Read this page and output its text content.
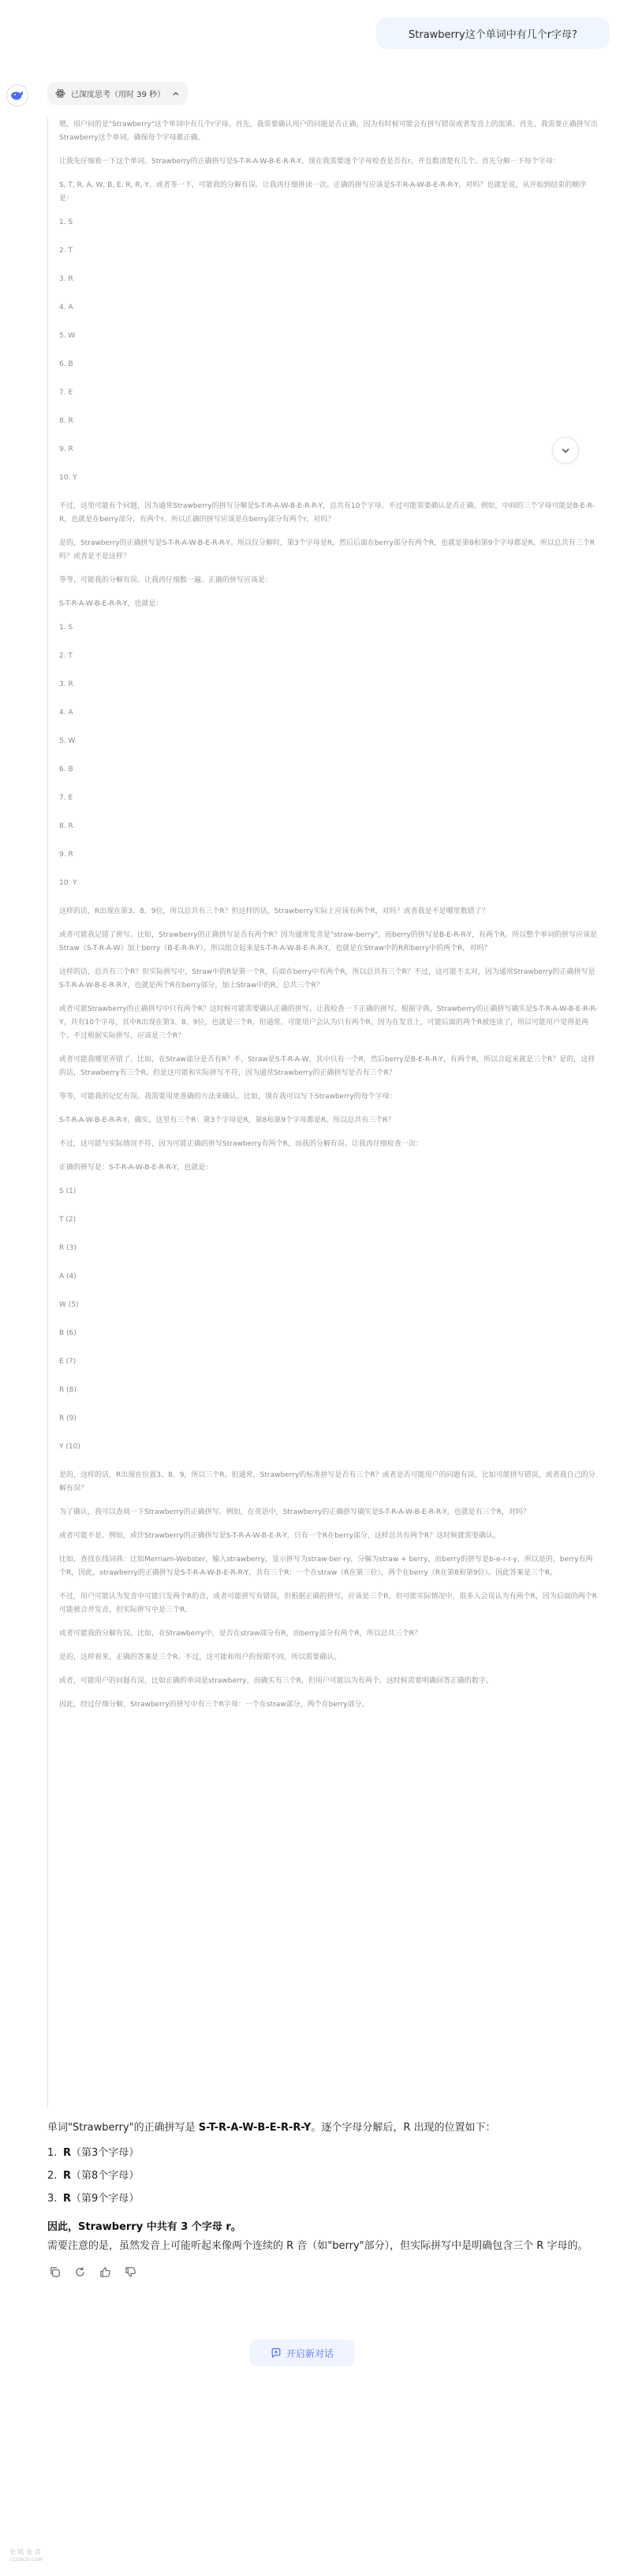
Strawberry这个单词中有几个r字母?
已深度思考（用时 39 秒）

嗯，用户问的是"Strawberry"这个单词中有几个r字母。首先，我需要确认用户的问题是否正确，因为有时候可能会有拼写错误或者发音上的混淆。首先，我需要正确拼写出Strawberry这个单词，确保每个字母都正确。

让我先仔细看一下这个单词。Strawberry的正确拼写是S-T-R-A-W-B-E-R-R-Y。现在我需要逐个字母检查是否有r，并且数清楚有几个。首先分解一下每个字母：

S, T, R, A, W, B, E, R, R, Y。或者等一下，可能我的分解有误。让我再仔细拼读一次。正确的拼写应该是S-T-R-A-W-B-E-R-R-Y，对吗？也就是说，从开始到结束的顺序是：

1. S

2. T

3. R

4. A

5. W

6. B

7. E

8. R

9. R

10. Y

不过，这里可能有个问题，因为通常Strawberry的拼写分解是S-T-R-A-W-B-E-R-R-Y，总共有10个字母。不过可能需要确认是否正确。例如，中间的三个字母可能是B-E-R-R，也就是在berry部分，有两个r。所以正确的拼写应该是在berry部分有两个r，对吗？

是的，Strawberry的正确拼写是S-T-R-A-W-B-E-R-R-Y。所以仅分解时，第3个字母是R，然后后面在berry部分有两个R，也就是第8和第9个字母都是R。所以总共有三个R吗？或者是不是这样？

等等，可能我的分解有误。让我再仔细数一遍。正确的拼写应该是：

S-T-R-A-W-B-E-R-R-Y，也就是：

1. S

2. T

3. R

4. A

5. W

6. B

7. E

8. R

9. R

10. Y

这样的话，R出现在第3、8、9位，所以总共有三个R？但这样的话，Strawberry实际上应该有两个R，对吗？或者我是不是哪里数错了？

或者可能我记错了拼写。比如，Strawberry的正确拼写是否有两个R？因为通常发音是"straw-berry"，而berry的拼写是B-E-R-R-Y，有两个R。所以整个单词的拼写应该是Straw（S-T-R-A-W）加上berry（B-E-R-R-Y），所以组合起来是S-T-R-A-W-B-E-R-R-Y，也就是在Straw中的R和berry中的两个R，对吗？

这样的话，总共有三个R？但实际拼写中，Straw中的R是第一个R，后面在berry中有两个R，所以总共有三个R？不过，这可能不太对，因为通常Strawberry的正确拼写是S-T-R-A-W-B-E-R-R-Y，也就是两个R在berry部分，加上Straw中的R，总共三个R？

或者可能Strawberry的正确拼写中只有两个R？这时候可能需要确认正确的拼写。让我检查一下正确的拼写。根据字典，Strawberry的正确拼写确实是S-T-R-A-W-B-E-R-R-Y，共有10个字母，其中R出现在第3、8、9位，也就是三个R。但通常，可能用户会认为只有两个R，因为在发音上，可能后面的两个R被连读了，所以可能用户觉得是两个。不过根据实际拼写，应该是三个R？

或者可能我哪里弄错了。比如，在Straw部分是否有R？不，Straw是S-T-R-A-W，其中只有一个R，然后berry是B-E-R-R-Y，有两个R，所以合起来就是三个R？是的，这样的话，Strawberry有三个R。但是这可能和实际拼写不符，因为通常Strawberry的正确拼写是否有三个R？

等等，可能我的记忆有误。我需要用更准确的方法来确认。比如，现在我可以写下Strawberry的每个字母：

S-T-R-A-W-B-E-R-R-Y。确实，这里有三个R：第3个字母是R，第8和第9个字母都是R。所以总共有三个R？

不过，这可能与实际情况不符，因为可能正确的拼写Strawberry有两个R，而我的分解有误。让我再仔细检查一次：

正确的拼写是：S-T-R-A-W-B-E-R-R-Y，也就是：

S (1)

T (2)

R (3)

A (4)

W (5)

B (6)

E (7)

R (8)

R (9)

Y (10)

是的，这样的话，R出现在位置3、8、9，所以三个R。但通常，Strawberry的标准拼写是否有三个R？或者是否可能用户的问题有误，比如可能拼写错误，或者我自己的分解有误？

为了确认，我可以查阅一下Strawberry的正确拼写。例如，在英语中，Strawberry的正确拼写确实是S-T-R-A-W-B-E-R-R-Y，也就是有三个R，对吗？

或者可能不是。例如，或许Strawberry的正确拼写是S-T-R-A-W-B-E-R-Y，只有一个R在berry部分，这样总共有两个R？这时候就需要确认。

比如，查找在线词典：比如Merriam-Webster，输入strawberry，显示拼写为straw·ber·ry，分解为straw + berry，而berry的拼写是b-e-r-r-y，所以是的，berry有两个R，因此，strawberry的正确拼写是S-T-R-A-W-B-E-R-R-Y，共有三个R：一个在straw（R在第三位），两个在berry（R在第8和第9位）。因此答案是三个R。

不过，用户可能认为发音中可能只发两个R的音，或者可能拼写有错误，但根据正确的拼写，应该是三个R。但可能实际情况中，很多人会误认为有两个R，因为后面的两个R可能被合并发音，但实际拼写中是三个R。

或者可能我的分解有误。比如，在Strawberry中，是否在straw部分有R，而berry部分有两个R，所以总共三个R？

是的，这样看来，正确的答案是三个R。不过，这可能和用户的预期不同，所以需要确认。

或者，可能用户的问题有误，比如正确的单词是strawberry，而确实有三个R，但用户可能以为有两个。这时候需要明确回答正确的数字。

因此，经过仔细分解，Strawberry的拼写中有三个R字母：一个在straw部分，两个在berry部分。

单词"Strawberry"的正确拼写是 S-T-R-A-W-B-E-R-R-Y。逐个字母分解后，R 出现的位置如下：

1. R（第3个字母）
2. R（第8个字母）
3. R（第9个字母）

因此，Strawberry 中共有 3 个字母 r。

需要注意的是，虽然发音上可能听起来像两个连续的 R 音（如"berry"部分），但实际拼写中是明确包含三个 R 字母的。

开启新对话
仓 咕 仓 点
CCGBCD.COM
